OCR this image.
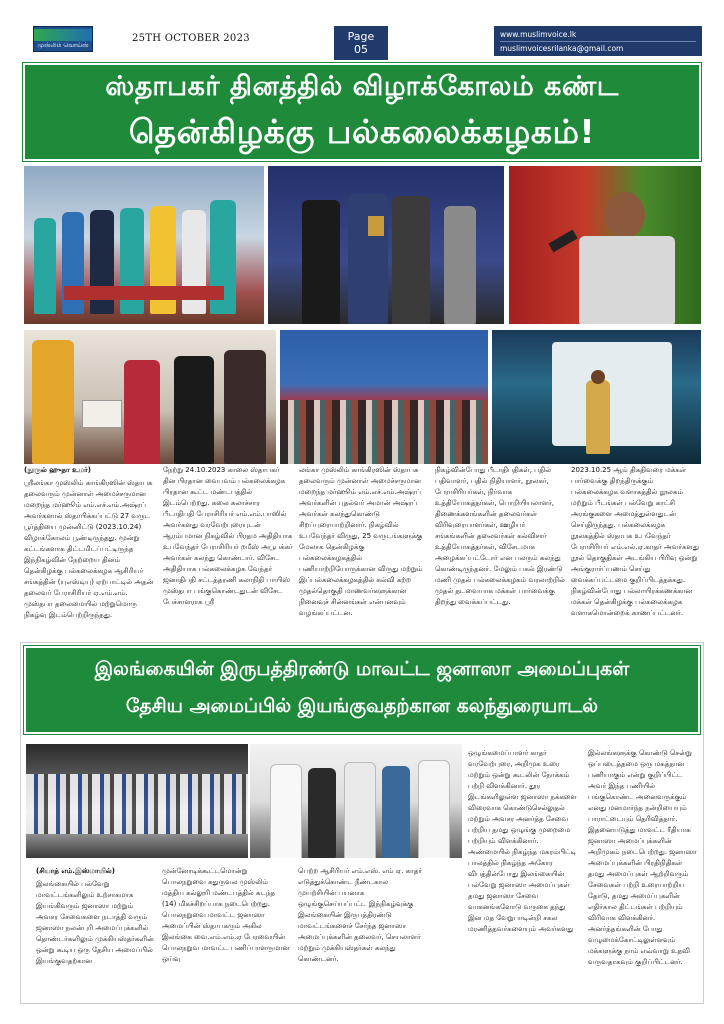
முஸ்லிம் வொய்ஸ்
25TH OCTOBER 2023	Page
05
www.muslimvoice.lk
muslimvoicesrilanka@gmail.com
ஸ்தாபகர் தினத்தில் விழாக்கோலம் கண்ட
தென்கிழக்கு பல்கலைக்கழகம்!

(நூருல் ஹுதா உமர்)

ஸ்ரீலங்கா முஸ்லிம் காங்கிரஸின் ஸ்தாபக தலைவரும் முன்னாள் அமைச்சருமான மறைந்த மர்ஹூம் எம்.எச்.எம்.அஷ்ரப் அவர்களால் ஸ்தாபிக்கப்பட்டு 27 வருட பூர்த்தியை முன்னிட்டு (2023.10.24) விழாக்கோலம் பூண்டிருந்தது. மூன்று கட்டங்களாக திட்டமிடப்பட்டிருந்த இந்நிகழ்வின் நேற்றைய தினம் தென்கிழக்கு பல்கலைக்கழக ஆசிரியர் சங்கத்தின் (யுஎஸ்டியு) ஏற்பாட்டில் அதன் தலைவர் பேராசிரியர் ஏ.எம்.எம். முஸ்தபா தலைமையில் மற்றுமொரு நிகழ்வு இடம்பெற்றிருந்தது.

நேற்று 24.10.2023 காலை ஸ்தாபகர் தின பிரதான வைபவம் பல்கலைக்கழக பிரதான கூட்ட மண்டபத்தில் இடம்பெற்றது. கலை கலாச்சார பீடாதிபதி பேராசிரியர் எம்.எம்.பாஸில் அவர்களது வரவேற்புரையுடன் ஆரம்பமான நிகழ்வில் பிரதம அதிதியாக உபவேந்தர் பேராசிரியர் றமீஸ் அபூபக்கர் அவர்கள் கலந்து கொண்டார். விசேட அதிதியாக பல்கலைக்கழக வேந்தர் ஜனாதிபதி சட்டத்தரணி கலாநிதி பாயிஸ் முஸ்தபா பங்குகொண்டதுடன் விசேட பேச்சாளராக ஸ்ரீ
லங்கா முஸ்லிம் காங்கிரஸின் ஸ்தாபக தலைவரும் முன்னாள் அமைச்சருமான மறைந்த மர்ஹூம் எம்.எச்.எம்.அஷ்ரப் அவர்களின் புதல்வர் அமான் அஷ்ரப் அவர்கள் கலந்துகொண்டு சிறப்புரையாற்றினார். நிகழ்வில் உபவேந்தர் விருது, 25 வருடங்களுக்கு மேலாக தென்கிழக்கு பல்கலைக்கழகத்தில் பணியாற்றியோருக்கான விருது மற்றும் இப்பல்கலைக்கழகத்தில் கல்வி கற்ற முதல்தொகுதி மாணவர்களுக்கான நினைவுச் சின்னங்கள் என்பனவும் வழங்கப்பட்டன.
நிகழ்வின்போது பீடாதிபதிகள், பதில் பதிவாளர், பதில் நிதியாளர், நூலகர், பேராசிரியர்கள், நிர்வாக உத்தியோகத்தர்கள், பொறியியலாளர், திணைக்களங்களின் தலைவர்கள் விரிவுரையாளர்கள், ஊழியர் சங்கங்களின் தலைவர்கள் கல்விசார் உத்தியோகத்தர்கள், விசேடமாக அழைக்கப்பட்டோர் என பலரும் கலந்து கொண்டிருந்தனர். மேலும் பகல் இரண்டு மணி முதல் பல்கலைக்கழகம் வரலாற்றில் முதல் தடவையாக மக்கள் பார்வைக்கு திறந்து வைக்கப்பட்டது.
2023.10.25 ஆம் திகதிவரை மக்கள் பார்வைக்கு திறந்திருக்கும் பல்கலைக்கழக வளாகத்தில் நூலகம் மற்றும் பீடங்கள் பல்வேறு காட்சி அரங்குகளை அமைத்துள்ளதுடன் செய்திருந்தது. பல்கலைக்கழக நூலகத்தில் ஸ்தாபக உபவேந்தர் பேராசிரியர் எம்.எல்.ஏ.காதர் அவர்களது நூல் தொகுதிகள் அடங்கிய பிரிவு ஒன்று அங்குரார்ப்பணம் செய்து வைக்கப்பட்டமை குறிப்பிடத்தக்கது. நிகழ்வின்போது பல்லாயிரக்கணக்கான மக்கள் தென்கிழக்கு பல்கலைக்கழக வளாகமொன்றைக் காணப்பட்டனர்.
இலங்கையின் இருபத்திரண்டு மாவட்ட ஜனாஸா அமைப்புகள்
தேசிய அமைப்பில் இயங்குவதற்கான கலந்துரையாடல்

(சியாத் எம்.இஸ்மாயில்)

இலங்கையில் பல்வேறு மாவட்டங்களிலும் உற்சாகமாக இயங்கிவரும் ஜனாஸா மற்றும் அவசர சேவைகளை நடாத்தி வரும் ஜனாஸா நலன்புரி அமைப்புக்களில் தொண்டர்களிலும் முக்கியஸ்தர்களின் ஒன்று கூடிய ஒரு தேசிய அமைப்பில் இயங்குவதற்கான

முன்னோடிக்கூட்டமொன்று பொலநறுவை கதுருவல முஸ்லிம் மத்திய கல்லூரி மண்டபத்தில் கடந்த (14) மிகச்சிறப்பாக நடைபெற்றது. பொலநறுவை மாவட்ட ஜனாஸா அமைப்பின் ஸ்தாபகரும் அகில இலங்கை வை.எம்.எம்.ஏ பேரவையின் பொலநறுவ மாவட்ட பணிப்பாளருமான ஒய்வு
பெற்ற ஆசிரியர் எம்.எஸ். எம் ஏ. காதர் எடுத்துக்கொண்ட நீண்டகால முயற்சியின் பயனாக ஒழுங்குசெய்யப்பட்ட இந்நிகழ்வுக்கு இலங்கையின் இருபத்திரண்டு மாவட்டங்களைச் சேர்ந்த ஜனாஸா அமைப்புக்களின் தலைவர், செயலாளர் மற்றும் முக்கியஸ்தர்கள் கலந்து கொண்டனர்.
ஒழுங்கமைப்பாளர் காதர் வரவேற்புரை, அறிமுக உரை மற்றும் ஒன்று கூடலின் நோக்கம் பற்றி விளக்கினார். தூர இடங்களிலுள்ள ஜனாஸா நக்களை விரைவாக கொண்டுசெல்லுதல் மற்றும் அவசர அனர்த்த சேவை பற்றிய தமது ஒழுங்கு முறைமை பற்றியும் விளக்கினார். அண்மையில் நிகழ்ந்த மகரம்பிட்டி பாலத்தில் நிகழ்ந்த அகோர விபத்தின்போது இலங்கையின் பல்வேறு ஜனாஸா அமைப்புகள் தமது ஜனாஸா சேவை வாகனங்களோடு வருகை தந்து இன மத வேறுபாடின்றி சகல மரணித்தவர்களையும் அவர்களது
இல்லங்களுக்கு கொண்டு சென்று ஒப்படைத்தமை ஒரு மகத்தான பணியாகும் என்று குறிப்பிட்ட அவர் இந்த பணியில் பங்குகொண்ட அனைவருக்கும் எனது மனமார்ந்த நன்றியையும் பாராட்டையும் தெரிவித்தார். இதனையடுத்து மாவட்ட ரீதியாக ஜனாஸா அமைப்புக்களின் அறிமுகம் நடைபெற்றது. ஜனாஸா அமைப்புக்களின் பிரதிநிதிகள் தமது அமைப்புகள் ஆற்றிவரும் சேவைகள் பற்றி உரையாற்றிய தோடு, தமது அமைப்புகளின் எதிர்கால திட்டங்கள் பற்றியும் விரிவாக விளக்கினர். அனர்த்தங்களின் போது வழுமைக்கோட்டிலுள்ளவும் மக்களுக்கு நாம் எவ்வாறு உதவி வருவதாகவும் குறிப்பிட்டனர்.
